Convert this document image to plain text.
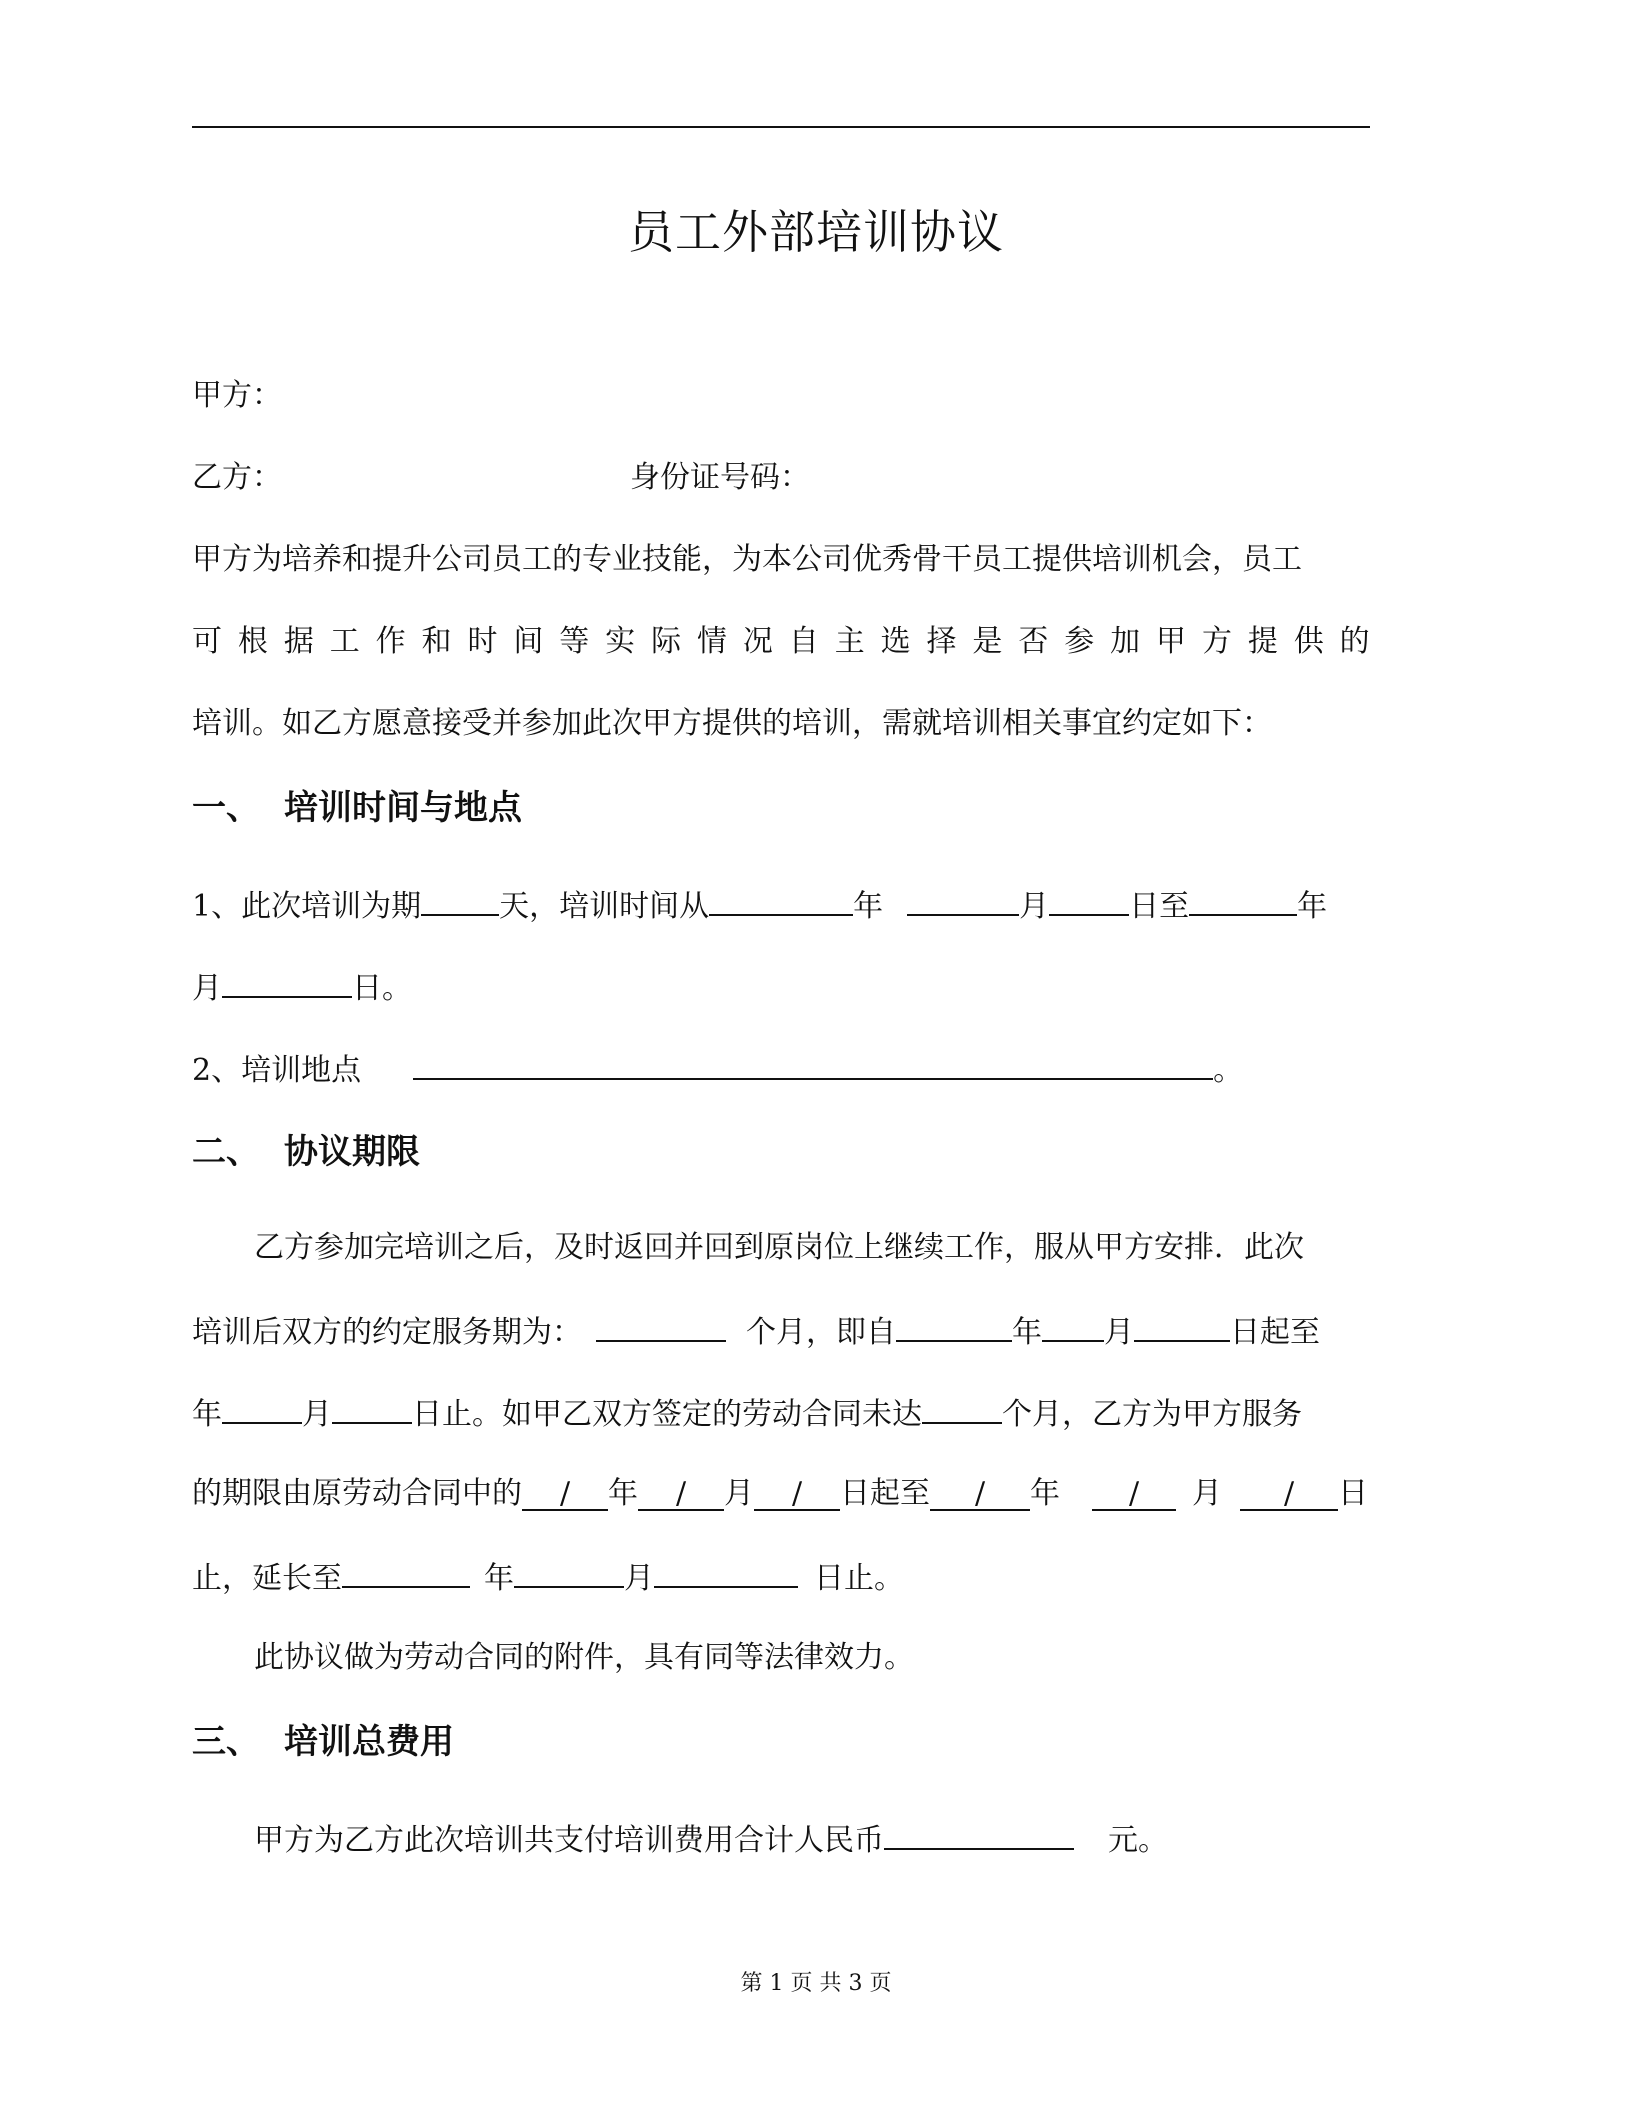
员工外部培训协议
甲方：
乙方：	身份证号码：
甲方为培养和提升公司员工的专业技能，为本公司优秀骨干员工提供培训机会，员工
可 根 据 工 作 和 时 间 等 实 际 情 况 自 主 选 择 是 否 参 加 甲 方 提 供 的
培训。如乙方愿意接受并参加此次甲方提供的培训，需就培训相关事宜约定如下：
一、 培训时间与地点
1、此次培训为期	天，培训时间从	年	月	日至	年
月	日。
2、培训地点	。
二、 协议期限
乙方参加完培训之后，及时返回并回到原岗位上继续工作，服从甲方安排．此次
培训后双方的约定服务期为：	个月，即自	年 月	日起至
年	月	日止。如甲乙双方签定的劳动合同未达	个月，乙方为甲方服务
的期限由原劳动合同中的 / 年 / 月 / 日起至 / 年 / 月 / 日
止，延长至	年	月	日止。
此协议做为劳动合同的附件，具有同等法律效力。
三、 培训总费用
甲方为乙方此次培训共支付培训费用合计人民币	元。
第 1 页 共 3 页
